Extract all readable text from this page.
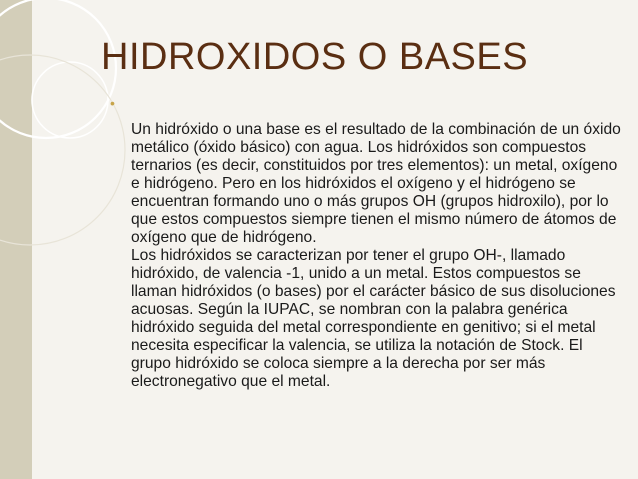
HIDROXIDOS O BASES
•

Un hidróxido o una base es el resultado de la combinación de un óxido metálico (óxido básico) con agua. Los hidróxidos son compuestos ternarios (es decir, constituidos por tres elementos): un metal, oxígeno e hidrógeno. Pero en los hidróxidos el oxígeno y el hidrógeno se encuentran formando uno o más grupos OH (grupos hidroxilo), por lo que estos compuestos siempre tienen el mismo número de átomos de oxígeno que de hidrógeno.

Los hidróxidos se caracterizan por tener el grupo OH-, llamado hidróxido, de valencia -1, unido a un metal. Estos compuestos se llaman hidróxidos (o bases) por el carácter básico de sus disoluciones acuosas. Según la IUPAC, se nombran con la palabra genérica hidróxido seguida del metal correspondiente en genitivo; si el metal necesita especificar la valencia, se utiliza la notación de Stock. El grupo hidróxido se coloca siempre a la derecha por ser más electronegativo que el metal.
